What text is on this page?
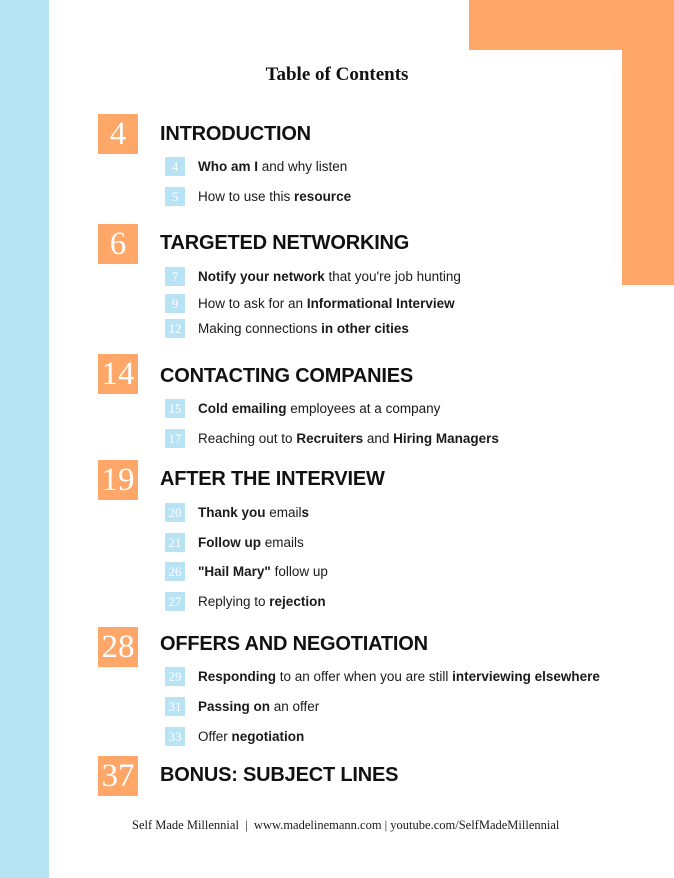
Table of Contents
4	INTRODUCTION
4	Who am I and why listen
5	How to use this resource
6	TARGETED NETWORKING
7	Notify your network that you're job hunting
9	How to ask for an Informational Interview
12 Making connections in other cities
14 CONTACTING COMPANIES
15 Cold emailing employees at a company
17 Reaching out to Recruiters and Hiring Managers
19 AFTER THE INTERVIEW
20 Thank you emails
21 Follow up emails
26 "Hail Mary" follow up
27 Replying to rejection
28 OFFERS AND NEGOTIATION
29 Responding to an offer when you are still interviewing elsewhere
31 Passing on an offer
33 Offer negotiation
37 BONUS: SUBJECT LINES
Self Made Millennial  |  www.madelinemann.com | youtube.com/SelfMadeMillennial
